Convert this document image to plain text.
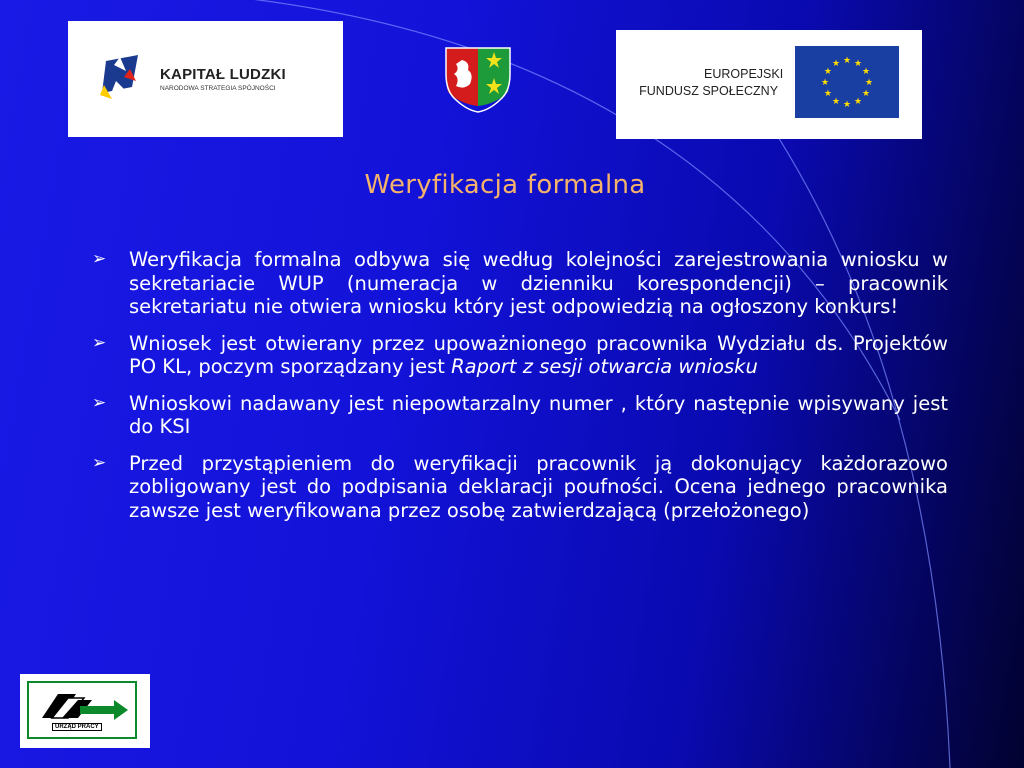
KAPITAŁ LUDZKI
NARODOWA STRATEGIA SPÓJNOŚCI
EUROPEJSKI
FUNDUSZ SPOŁECZNY
★ ★
★
★
★
★
★
★
★
★
★
★
Weryfikacja formalna
➢ Weryfikacja formalna odbywa się według kolejności zarejestrowania wniosku w sekretariacie WUP (numeracja w dzienniku korespondencji) – pracownik sekretariatu nie otwiera wniosku który jest odpowiedzią na ogłoszony konkurs!
➢ Wniosek jest otwierany przez upoważnionego pracownika Wydziału ds. Projektów PO KL, poczym sporządzany jest Raport z sesji otwarcia wniosku
➢ Wnioskowi nadawany jest niepowtarzalny numer , który następnie wpisywany jest do KSI
➢ Przed przystąpieniem do weryfikacji pracownik ją dokonujący każdorazowo zobligowany jest do podpisania deklaracji poufności. Ocena jednego pracownika zawsze jest weryfikowana przez osobę zatwierdzającą (przełożonego)
URZĄD PRACY
